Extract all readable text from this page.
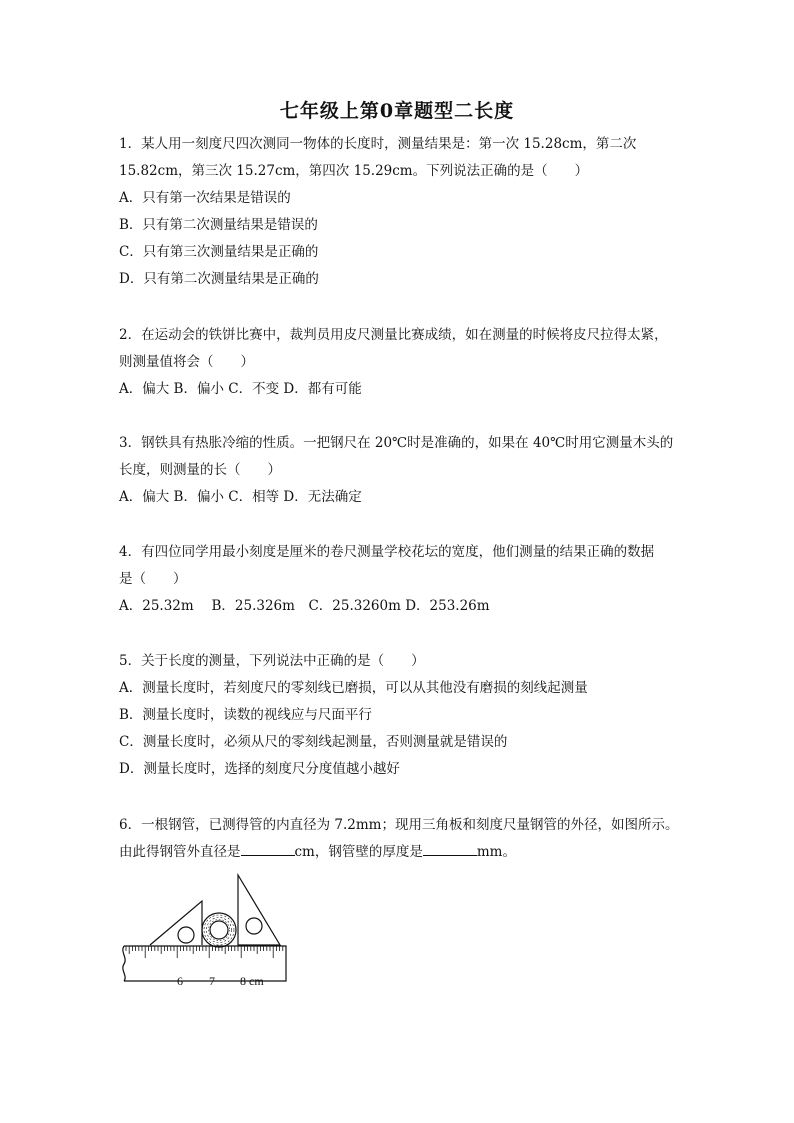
七年级上第0章题型二长度
1．某人用一刻度尺四次测同一物体的长度时，测量结果是：第一次 15.28cm，第二次
15.82cm，第三次 15.27cm，第四次 15.29cm。下列说法正确的是（　　）
A．只有第一次结果是错误的
B．只有第二次测量结果是错误的
C．只有第三次测量结果是正确的
D．只有第二次测量结果是正确的
2．在运动会的铁饼比赛中，裁判员用皮尺测量比赛成绩，如在测量的时候将皮尺拉得太紧，
则测量值将会（　　）
A．偏大 B．偏小 C．不变 D．都有可能
3．钢铁具有热胀冷缩的性质。一把钢尺在 20℃时是准确的，如果在 40℃时用它测量木头的
长度，则测量的长（　　）
A．偏大 B．偏小 C．相等 D．无法确定
4．有四位同学用最小刻度是厘米的卷尺测量学校花坛的宽度，他们测量的结果正确的数据
是（　　）
A．25.32m　 B．25.326m　C．25.3260m D．253.26m
5．关于长度的测量，下列说法中正确的是（　　）
A．测量长度时，若刻度尺的零刻线已磨损，可以从其他没有磨损的刻线起测量
B．测量长度时，读数的视线应与尺面平行
C．测量长度时，必须从尺的零刻线起测量，否则测量就是错误的
D．测量长度时，选择的刻度尺分度值越小越好
6．一根钢管，已测得管的内直径为 7.2mm；现用三角板和刻度尺量钢管的外径，如图所示。
由此得钢管外直径是	cm，钢管壁的厚度是	mm。
6 7 8 cm
